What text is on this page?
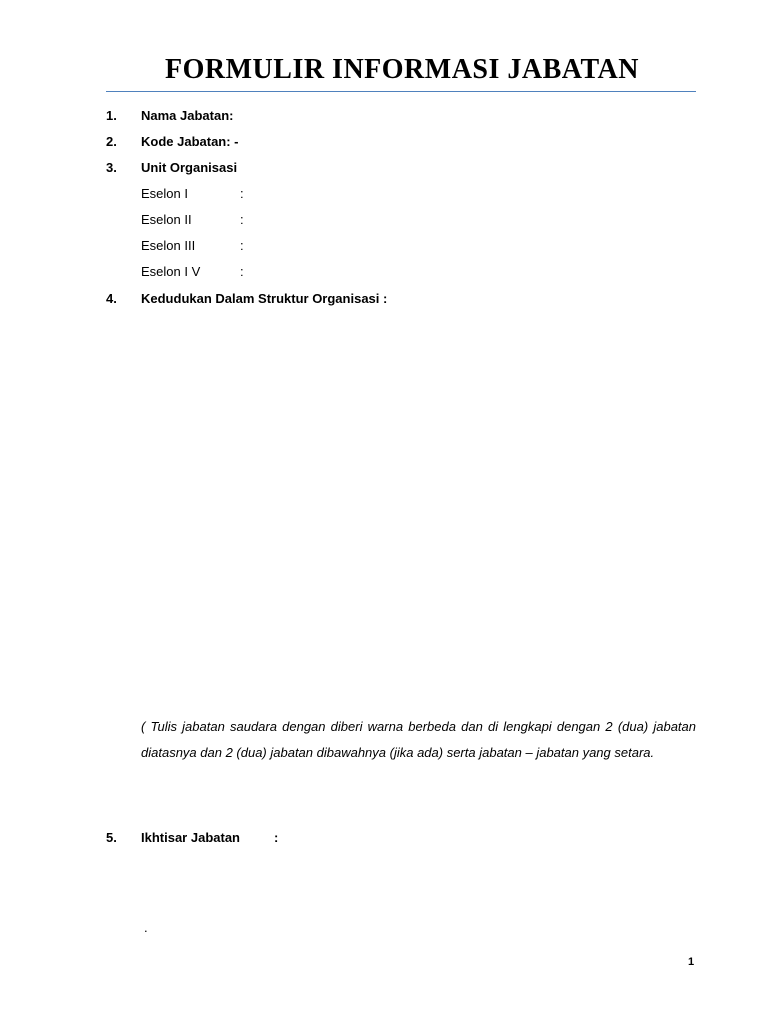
FORMULIR INFORMASI JABATAN
1. Nama Jabatan:
2. Kode Jabatan: -
3. Unit Organisasi
Eselon I	:
Eselon II	:
Eselon III	:
Eselon I V	:
4. Kedudukan Dalam Struktur Organisasi :
( Tulis jabatan saudara dengan diberi warna berbeda dan di lengkapi dengan 2 (dua) jabatan diatasnya dan 2 (dua) jabatan dibawahnya (jika ada) serta jabatan – jabatan yang setara.
5. Ikhtisar Jabatan	:
.
1
